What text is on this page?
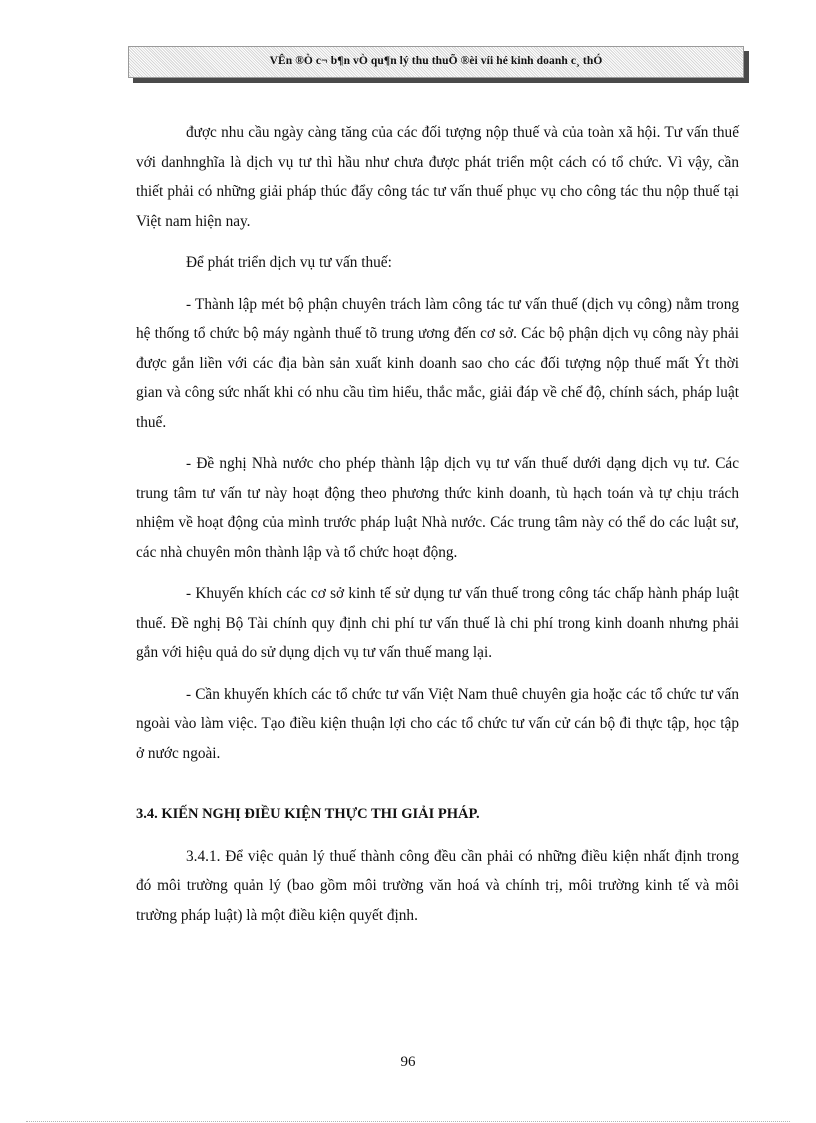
VÊn ®Ò c¬ b¶n vÒ qu¶n lý thu thuÕ ®èi víi hé kinh doanh c¸ thÓ

được nhu cầu ngày càng tăng của các đối tượng nộp thuế và của toàn xã hội. Tư vấn thuế với danhnghĩa là dịch vụ tư thì hầu như chưa được phát triển một cách có tổ chức. Vì vậy, cần thiết phải có những giải pháp thúc đẩy công tác tư vấn thuế phục vụ cho công tác thu nộp thuế tại Việt nam hiện nay.

Để phát triển dịch vụ tư vấn thuế:

- Thành lập mét bộ phận chuyên trách làm công tác tư vấn thuế (dịch vụ công) nằm trong hệ thống tổ chức bộ máy ngành thuế tõ trung ương đến cơ sở. Các bộ phận dịch vụ công này phải được gắn liền với các địa bàn sản xuất kinh doanh sao cho các đối tượng nộp thuế mất Ýt thời gian và công sức nhất khi có nhu cầu tìm hiểu, thắc mắc, giải đáp về chế độ, chính sách, pháp luật thuế.

- Đề nghị Nhà nước cho phép thành lập dịch vụ tư vấn thuế dưới dạng dịch vụ tư. Các trung tâm tư vấn tư này hoạt động theo phương thức kinh doanh, tù hạch toán và tự chịu trách nhiệm về hoạt động của mình trước pháp luật Nhà nước. Các trung tâm này có thể do các luật sư, các nhà chuyên môn thành lập và tổ chức hoạt động.

- Khuyến khích các cơ sở kinh tế sử dụng tư vấn thuế trong công tác chấp hành pháp luật thuế. Đề nghị Bộ Tài chính quy định chi phí tư vấn thuế là chi phí trong kinh doanh nhưng phải gắn với hiệu quả do sử dụng dịch vụ tư vấn thuế mang lại.

- Cần khuyến khích các tổ chức tư vấn Việt Nam thuê chuyên gia hoặc các tổ chức tư vấn ngoài vào làm việc. Tạo điều kiện thuận lợi cho các tổ chức tư vấn cử cán bộ đi thực tập, học tập ở nước ngoài.

3.4. KIẾN NGHỊ ĐIỀU KIỆN THỰC THI GIẢI PHÁP.

3.4.1. Để việc quản lý thuế thành công đều cần phải có những điều kiện nhất định trong đó môi trường quản lý (bao gồm môi trường văn hoá và chính trị, môi trường kinh tế và môi trường pháp luật) là một điều kiện quyết định.

96
